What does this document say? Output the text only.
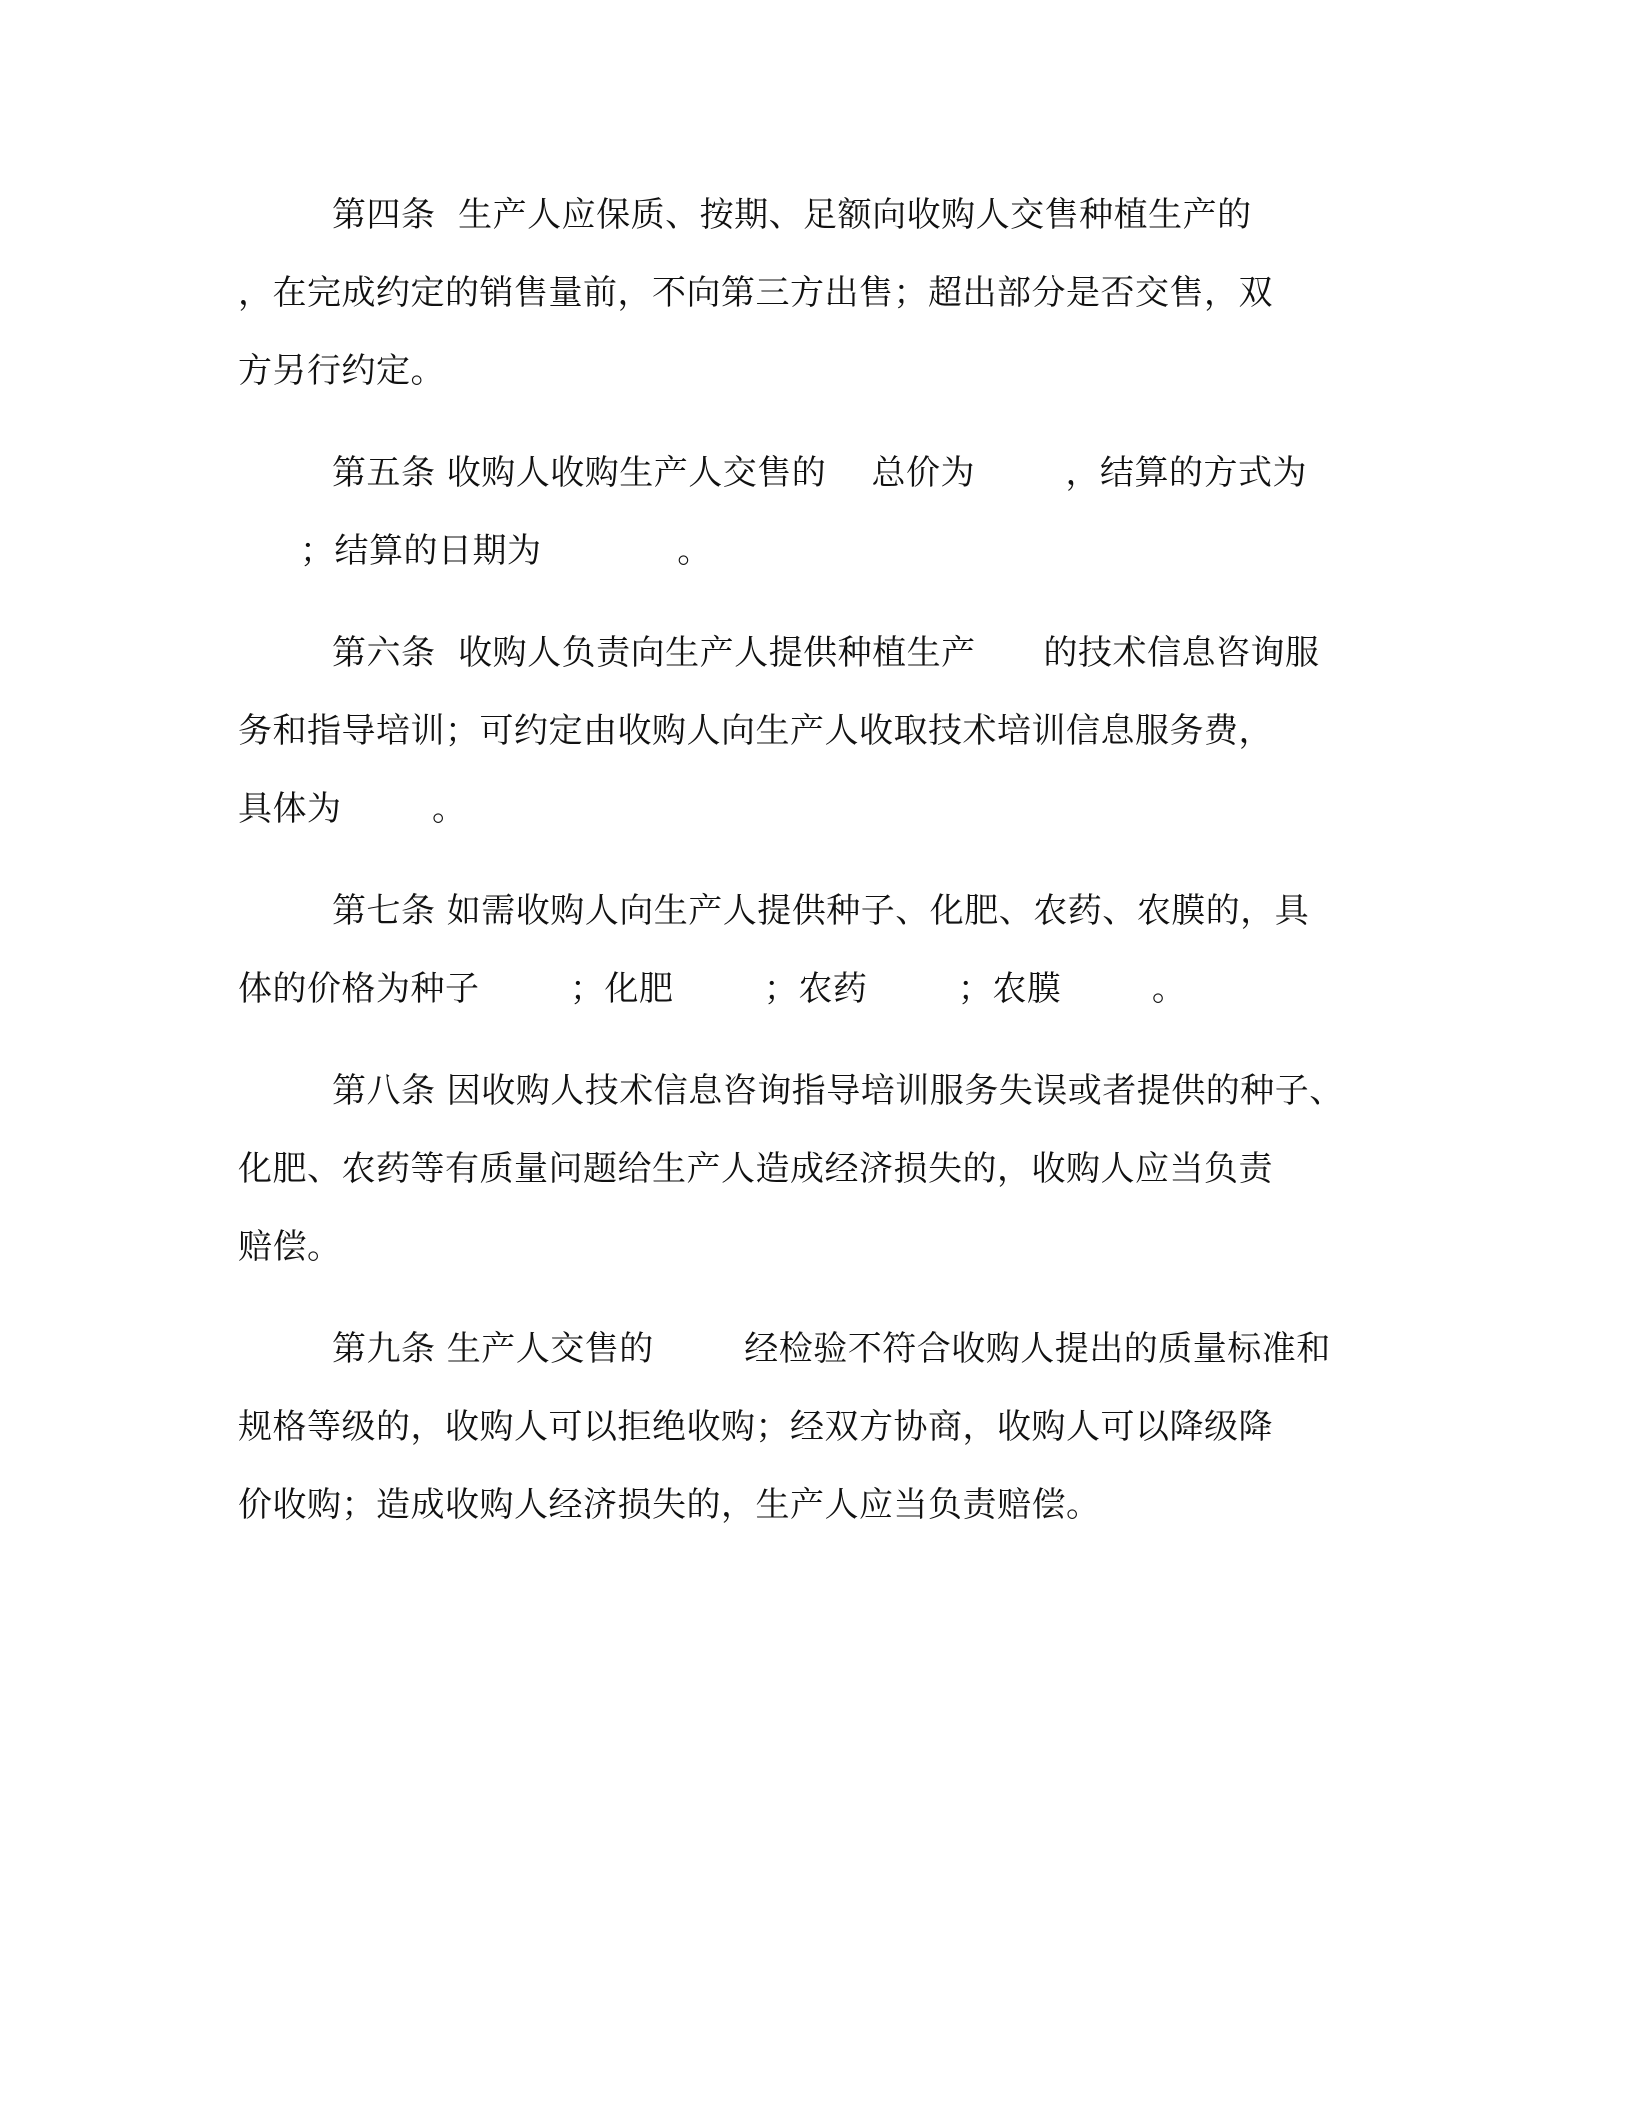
第四条  生产人应保质、按期、足额向收购人交售种植生产的
，在完成约定的销售量前，不向第三方出售；超出部分是否交售，双
方另行约定。
第五条 收购人收购生产人交售的    总价为        ，结算的方式为
；结算的日期为            。
第六条  收购人负责向生产人提供种植生产      的技术信息咨询服
务和指导培训；可约定由收购人向生产人收取技术培训信息服务费，
具体为        。
第七条 如需收购人向生产人提供种子、化肥、农药、农膜的，具
体的价格为种子        ；化肥        ；农药        ；农膜        。
第八条 因收购人技术信息咨询指导培训服务失误或者提供的种子、
化肥、农药等有质量问题给生产人造成经济损失的，收购人应当负责
赔偿。
第九条 生产人交售的        经检验不符合收购人提出的质量标准和
规格等级的，收购人可以拒绝收购；经双方协商，收购人可以降级降
价收购；造成收购人经济损失的，生产人应当负责赔偿。
